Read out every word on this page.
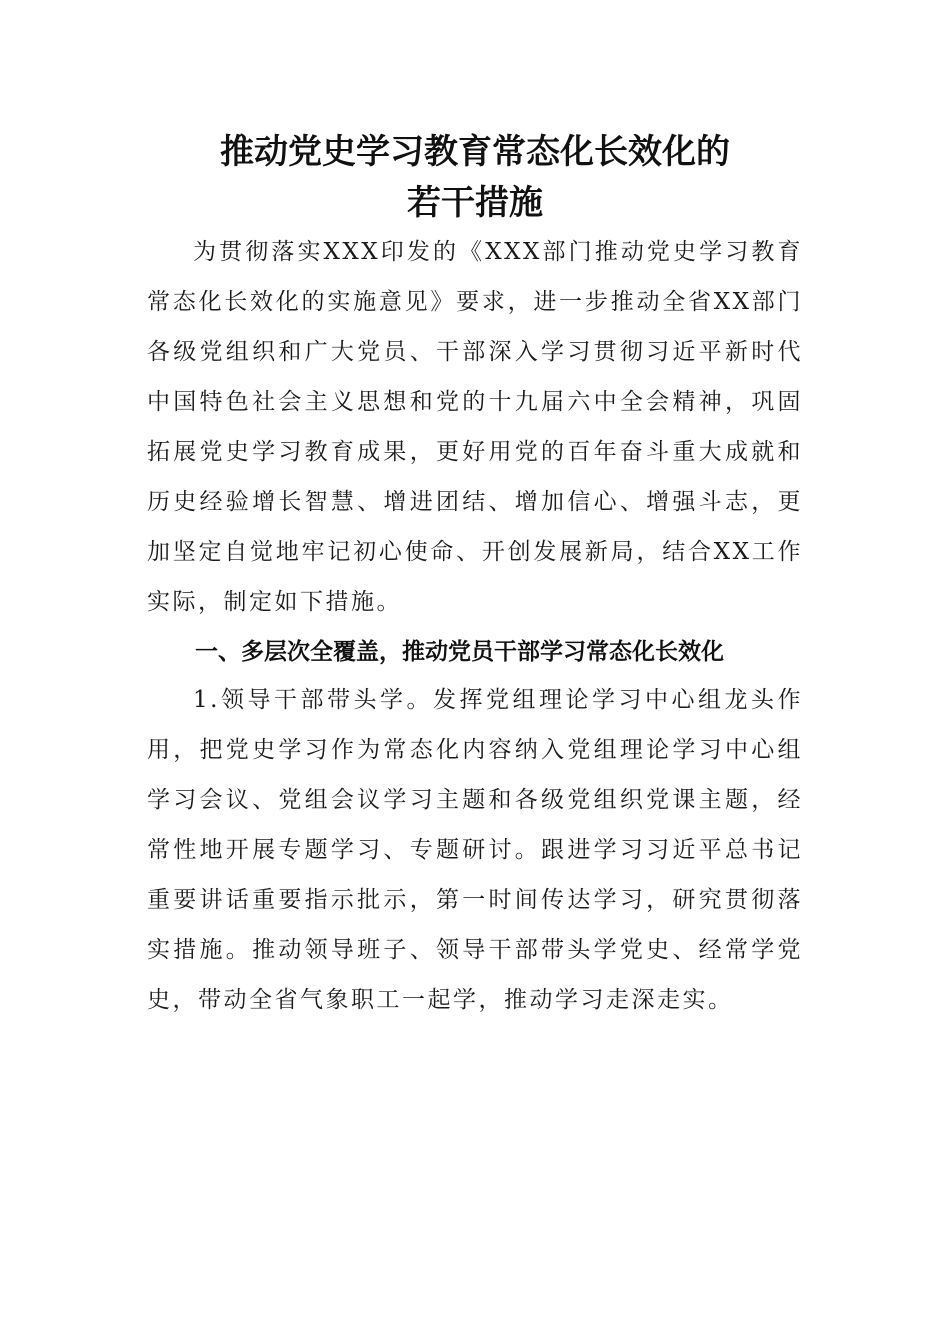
推动党史学习教育常态化长效化的
若干措施

为贯彻落实XXX印发的《XXX部门推动党史学习教育常态化长效化的实施意见》要求，进一步推动全省XX部门各级党组织和广大党员、干部深入学习贯彻习近平新时代中国特色社会主义思想和党的十九届六中全会精神，巩固拓展党史学习教育成果，更好用党的百年奋斗重大成就和历史经验增长智慧、增进团结、增加信心、增强斗志，更加坚定自觉地牢记初心使命、开创发展新局，结合XX工作实际，制定如下措施。

一、多层次全覆盖，推动党员干部学习常态化长效化

1.领导干部带头学。发挥党组理论学习中心组龙头作用，把党史学习作为常态化内容纳入党组理论学习中心组学习会议、党组会议学习主题和各级党组织党课主题，经常性地开展专题学习、专题研讨。跟进学习习近平总书记重要讲话重要指示批示，第一时间传达学习，研究贯彻落实措施。推动领导班子、领导干部带头学党史、经常学党史，带动全省气象职工一起学，推动学习走深走实。
